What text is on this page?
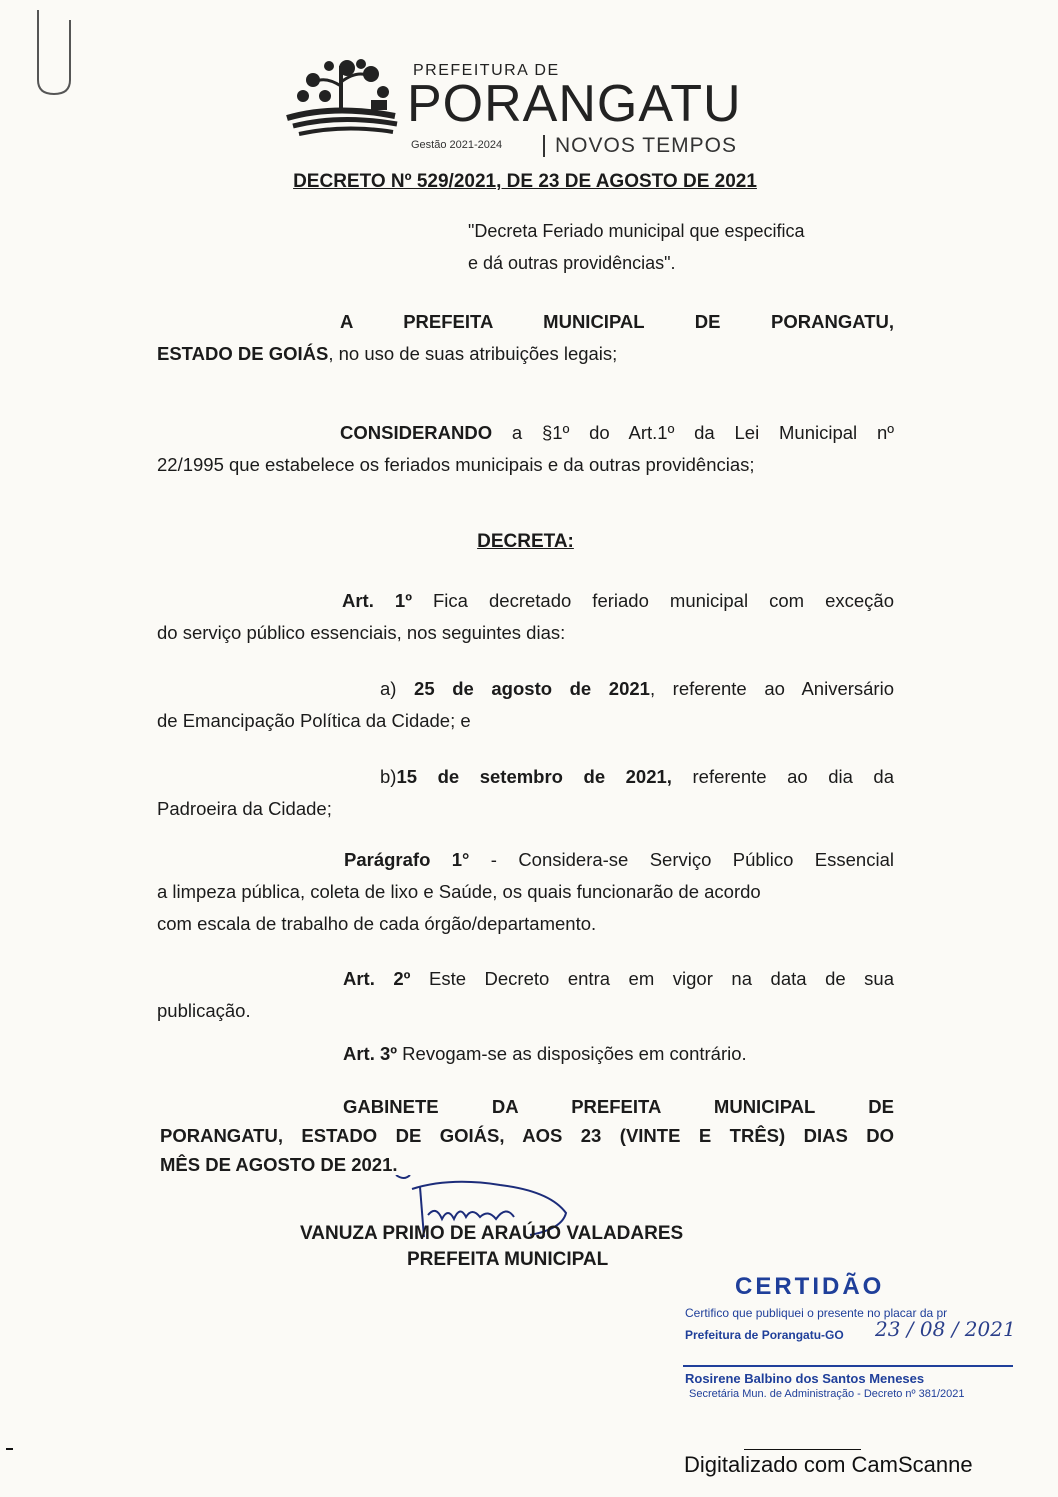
PREFEITURA DE
PORANGATU
Gestão 2021-2024	NOVOS TEMPOS
DECRETO Nº 529/2021, DE 23 DE AGOSTO DE 2021
"Decreta Feriado municipal que especifica
e dá outras providências".
A PREFEITA MUNICIPAL DE PORANGATU,
ESTADO DE GOIÁS, no uso de suas atribuições legais;
CONSIDERANDO a §1º do Art.1º da Lei Municipal nº
22/1995 que estabelece os feriados municipais e da outras providências;
DECRETA:
Art. 1º Fica decretado feriado municipal com exceção
do serviço público essenciais, nos seguintes dias:
a) 25 de agosto de 2021, referente ao Aniversário
de Emancipação Política da Cidade; e
b)15 de setembro de 2021, referente ao dia da
Padroeira da Cidade;
Parágrafo 1° - Considera-se Serviço Público Essencial
a limpeza pública, coleta de lixo e Saúde, os quais funcionarão de acordo
com escala de trabalho de cada órgão/departamento.
Art. 2º Este Decreto entra em vigor na data de sua
publicação.
Art. 3º Revogam-se as disposições em contrário.
GABINETE DA PREFEITA MUNICIPAL DE
PORANGATU, ESTADO DE GOIÁS, AOS 23 (VINTE E TRÊS) DIAS DO
MÊS DE AGOSTO DE 2021.
VANUZA PRIMO DE ARAÚJO VALADARES
PREFEITA MUNICIPAL
CERTIDÃO
Certifico que publiquei o presente no placar da pr
Prefeitura de Porangatu-GO 23 / 08 / 2021
Rosirene Balbino dos Santos Meneses
Secretária Mun. de Administração - Decreto nº 381/2021
Digitalizado com CamScanne
